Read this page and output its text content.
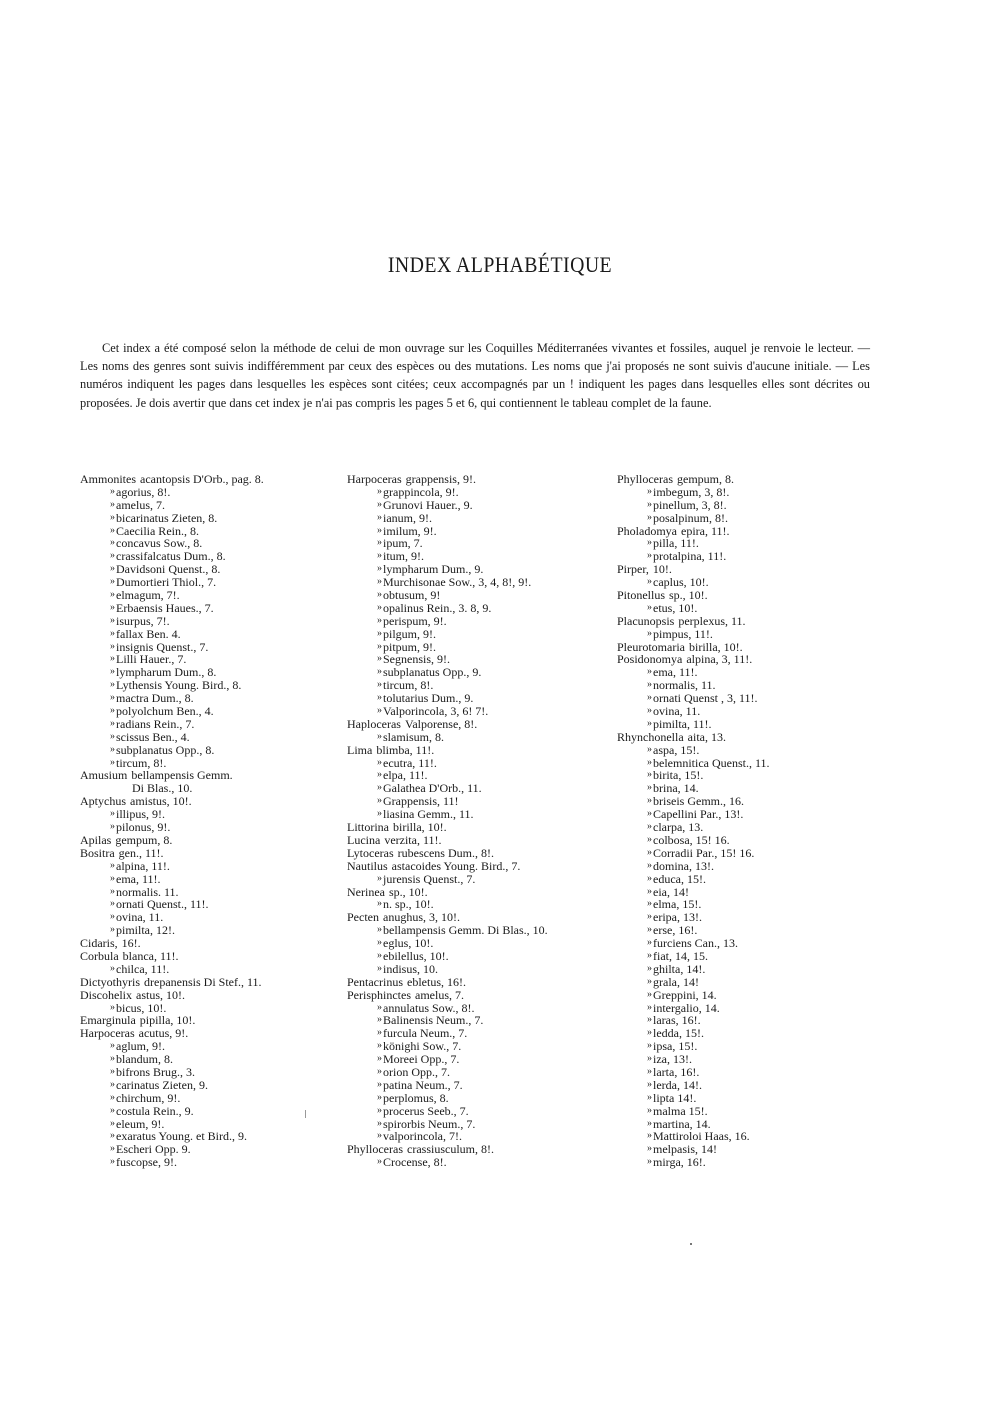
INDEX ALPHABÉTIQUE

Cet index a été composé selon la méthode de celui de mon ouvrage sur les Coquilles Méditerranées vivantes et fossiles, auquel je renvoie le lecteur. — Les noms des genres sont suivis indifféremment par ceux des espèces ou des mutations. Les noms que j'ai proposés ne sont suivis d'aucune initiale. — Les numéros indiquent les pages dans lesquelles les espèces sont citées; ceux accompagnés par un ! indiquent les pages dans lesquelles elles sont décrites ou proposées. Je dois avertir que dans cet index je n'ai pas compris les pages 5 et 6, qui contiennent le tableau complet de la faune.

Ammonites acantopsis D'Orb., pag. 8.
» agorius, 8!.
» amelus, 7.
» bicarinatus Zieten, 8.
» Caecilia Rein., 8.
» concavus Sow., 8.
» crassifalcatus Dum., 8.
» Davidsoni Quenst., 8.
» Dumortieri Thiol., 7.
» elmagum, 7!.
» Erbaensis Haues., 7.
» isurpus, 7!.
» fallax Ben. 4.
» insignis Quenst., 7.
» Lilli Hauer., 7.
» lympharum Dum., 8.
» Lythensis Young. Bird., 8.
» mactra Dum., 8.
» polyolchum Ben., 4.
» radians Rein., 7.
» scissus Ben., 4.
» subplanatus Opp., 8.
» tircum, 8!.
Amusium bellampensis Gemm.
Di Blas., 10.
Aptychus amistus, 10!.
» illipus, 9!.
» pilonus, 9!.
Apilas gempum, 8.
Bositra gen., 11!.
» alpina, 11!.
» ema, 11!.
» normalis. 11.
» ornati Quenst., 11!.
» ovina, 11.
» pimilta, 12!.
Cidaris, 16!.
Corbula blanca, 11!.
» chilca, 11!.
Dictyothyris drepanensis Di Stef., 11.
Discohelix astus, 10!.
» bicus, 10!.
Emarginula pipilla, 10!.
Harpoceras acutus, 9!.
» aglum, 9!.
» blandum, 8.
» bifrons Brug., 3.
» carinatus Zieten, 9.
» chirchum, 9!.
» costula Rein., 9.
» eleum, 9!.
» exaratus Young. et Bird., 9.
» Escheri Opp. 9.
» fuscopse, 9!.
Harpoceras grappensis, 9!.
» grappincola, 9!.
» Grunovi Hauer., 9.
» ianum, 9!.
» imilum, 9!.
» ipum, 7.
» itum, 9!.
» lympharum Dum., 9.
» Murchisonae Sow., 3, 4, 8!, 9!.
» obtusum, 9!
» opalinus Rein., 3. 8, 9.
» perispum, 9!.
» pilgum, 9!.
» pitpum, 9!.
» Segnensis, 9!.
» subplanatus Opp., 9.
» tircum, 8!.
» tolutarius Dum., 9.
» Valporincola, 3, 6! 7!.
Haploceras Valporense, 8!.
» slamisum, 8.
Lima blimba, 11!.
» ecutra, 11!.
» elpa, 11!.
» Galathea D'Orb., 11.
» Grappensis, 11!
» liasina Gemm., 11.
Littorina birilla, 10!.
Lucina verzita, 11!.
Lytoceras rubescens Dum., 8!.
Nautilus astacoides Young. Bird., 7.
» jurensis Quenst., 7.
Nerinea sp., 10!.
» n. sp., 10!.
Pecten anughus, 3, 10!.
» bellampensis Gemm. Di Blas., 10.
» eglus, 10!.
» ebilellus, 10!.
» indisus, 10.
Pentacrinus ebletus, 16!.
Perisphinctes amelus, 7.
» annulatus Sow., 8!.
» Balinensis Neum., 7.
» furcula Neum., 7.
» könighi Sow., 7.
» Moreei Opp., 7.
» orion Opp., 7.
» patina Neum., 7.
» perplomus, 8.
» procerus Seeb., 7.
» spirorbis Neum., 7.
» valporincola, 7!.
Phylloceras crassiusculum, 8!.
» Crocense, 8!.
Phylloceras gempum, 8.
» imbegum, 3, 8!.
» pinellum, 3, 8!.
» posalpinum, 8!.
Pholadomya epira, 11!.
» pilla, 11!.
» protalpina, 11!.
Pirper, 10!.
» caplus, 10!.
Pitonellus sp., 10!.
» etus, 10!.
Placunopsis perplexus, 11.
» pimpus, 11!.
Pleurotomaria birilla, 10!.
Posidonomya alpina, 3, 11!.
» ema, 11!.
» normalis, 11.
» ornati Quenst , 3, 11!.
» ovina, 11.
» pimilta, 11!.
Rhynchonella aita, 13.
» aspa, 15!.
» belemnitica Quenst., 11.
» birita, 15!.
» brina, 14.
» briseis Gemm., 16.
» Capellini Par., 13!.
» clarpa, 13.
» colbosa, 15! 16.
» Corradii Par., 15! 16.
» domina, 13!.
» educa, 15!.
» eia, 14!
» elma, 15!.
» eripa, 13!.
» erse, 16!.
» furciens Can., 13.
» fiat, 14, 15.
» ghilta, 14!.
» grala, 14!
» Greppini, 14.
» intergalio, 14.
» laras, 16!.
» ledda, 15!.
» ipsa, 15!.
» iza, 13!.
» larta, 16!.
» lerda, 14!.
» lipta 14!.
» malma 15!.
» martina, 14.
» Mattiroloi Haas, 16.
» melpasis, 14!
» mirga, 16!.
